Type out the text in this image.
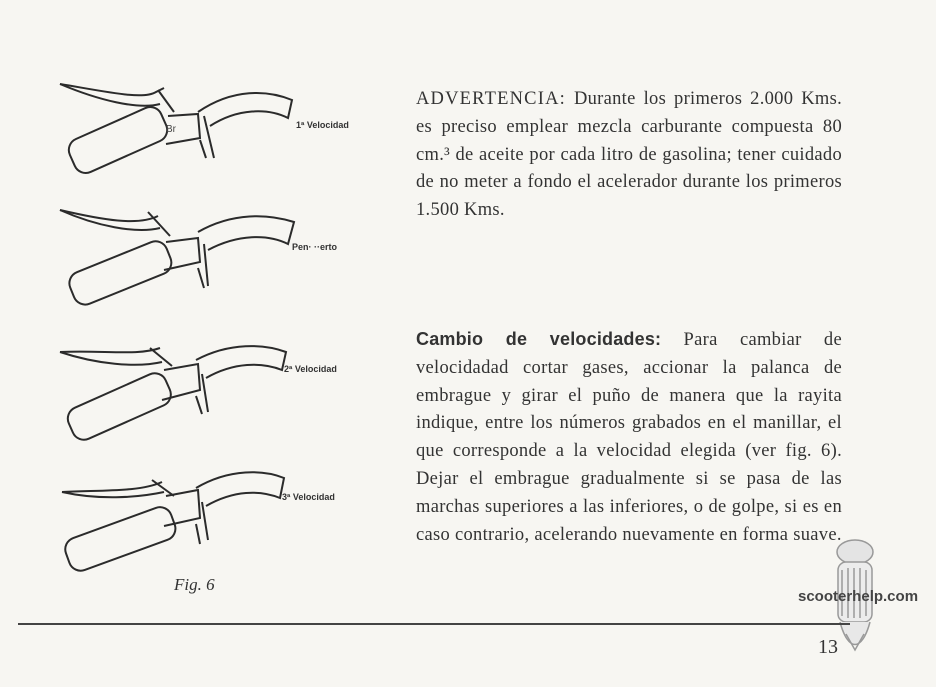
Br	1ª Velocidad
Pen· ··erto
2ª Velocidad
3ª Velocidad
Fig. 6

ADVERTENCIA: Durante los primeros 2.000 Kms. es preciso emplear mezcla carburante compuesta 80 cm.³ de aceite por cada litro de gasolina; tener cuidado de no meter a fondo el acelerador durante los primeros 1.500 Kms.

Cambio de velocidades: Para cambiar de velocidadad cortar gases, accionar la palanca de embrague y girar el puño de manera que la rayita indique, entre los números grabados en el manillar, el que corresponde a la velocidad elegida (ver fig. 6). Dejar el embrague gradualmente si se pasa de las marchas superiores a las inferiores, o de golpe, si es en caso contrario, acelerando nuevamente en forma suave.

scooterhelp.com
13
